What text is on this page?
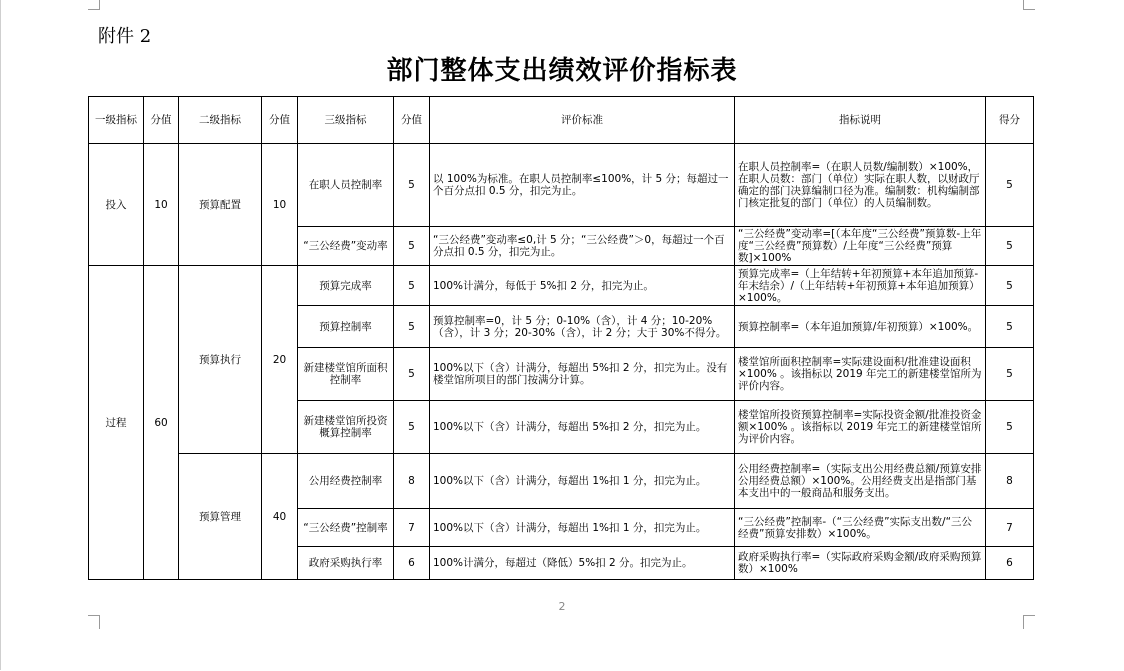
附件 2
部门整体支出绩效评价指标表
一级指标	分值	二级指标	分值	三级指标	分值	评价标准	指标说明	得分
投入	10	预算配置	10	在职人员控制率	5	以 100%为标准。在职人员控制率≤100%，计 5 分；每超过一个百分点扣 0.5 分，扣完为止。	在职人员控制率=（在职人员数/编制数）×100%，在职人员数：部门（单位）实际在职人数，以财政厅确定的部门决算编制口径为准。编制数：机构编制部门核定批复的部门（单位）的人员编制数。	5
				“三公经费”变动率	5	“三公经费”变动率≤0,计 5 分；“三公经费”＞0，每超过一个百分点扣 0.5 分，扣完为止。	“三公经费”变动率=[（本年度“三公经费”预算数-上年度“三公经费”预算数）/上年度“三公经费”预算数]×100%	5
过程	60	预算执行	20	预算完成率	5	100%计满分，每低于 5%扣 2 分，扣完为止。	预算完成率=（上年结转+年初预算+本年追加预算-年末结余）/（上年结转+年初预算+本年追加预算）×100%。	5
				预算控制率	5	预算控制率=0，计 5 分；0-10%（含），计 4 分；10-20%（含），计 3 分；20-30%（含），计 2 分；大于 30%不得分。	预算控制率=（本年追加预算/年初预算）×100%。	5
				新建楼堂馆所面积控制率	5	100%以下（含）计满分，每超出 5%扣 2 分，扣完为止。没有楼堂馆所项目的部门按满分计算。	楼堂馆所面积控制率=实际建设面积/批准建设面积×100% 。该指标以 2019 年完工的新建楼堂馆所为评价内容。	5
				新建楼堂馆所投资概算控制率	5	100%以下（含）计满分，每超出 5%扣 2 分，扣完为止。	楼堂馆所投资预算控制率=实际投资金额/批准投资金额×100% 。该指标以 2019 年完工的新建楼堂馆所为评价内容。	5
		预算管理	40	公用经费控制率	8	100%以下（含）计满分，每超出 1%扣 1 分，扣完为止。	公用经费控制率=（实际支出公用经费总额/预算安排公用经费总额）×100%。公用经费支出是指部门基本支出中的一般商品和服务支出。	8
				“三公经费”控制率	7	100%以下（含）计满分，每超出 1%扣 1 分，扣完为止。	“三公经费”控制率-（“三公经费”实际支出数/“三公经费”预算安排数）×100%。	7
				政府采购执行率	6	100%计满分，每超过（降低）5%扣 2 分。扣完为止。	政府采购执行率=（实际政府采购金额/政府采购预算数）×100%	6
2
